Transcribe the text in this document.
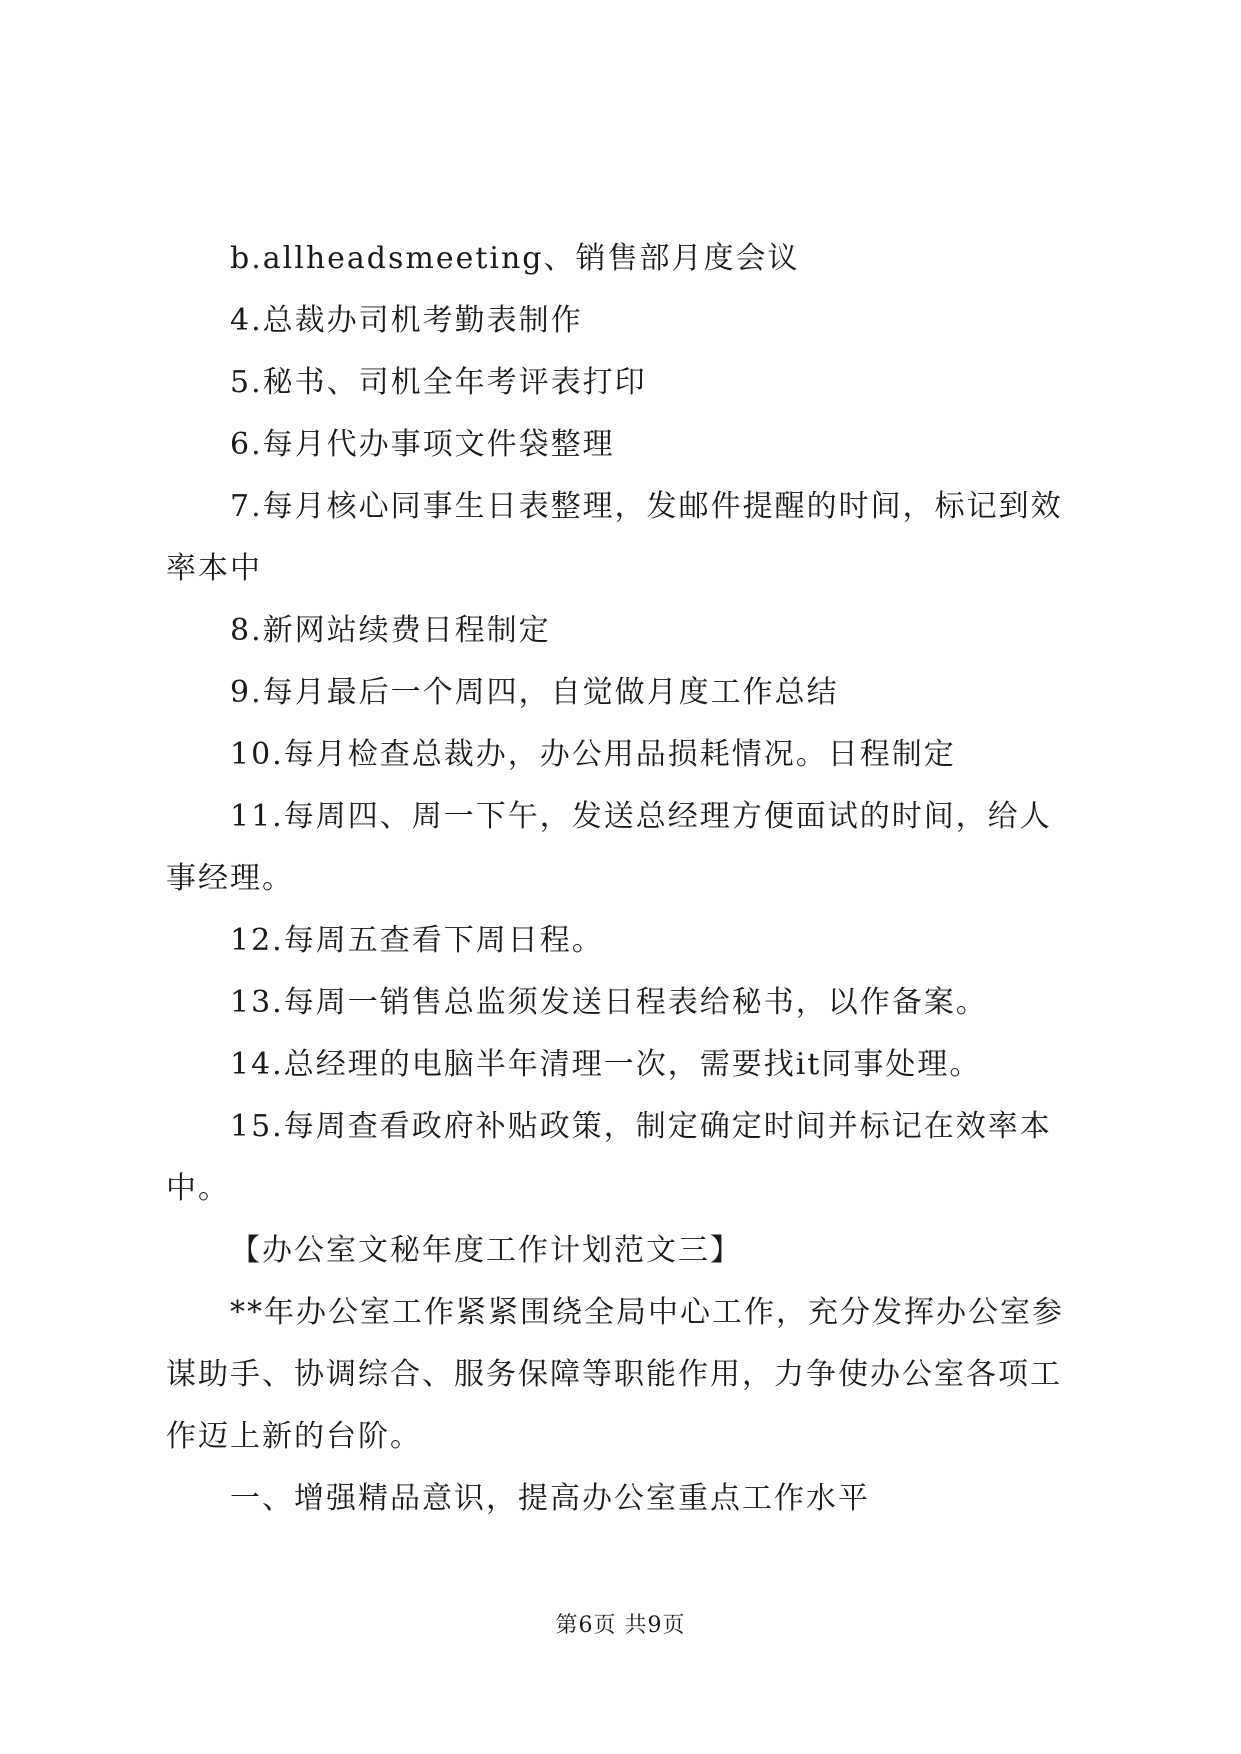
b.allheadsmeeting、销售部月度会议

4.总裁办司机考勤表制作

5.秘书、司机全年考评表打印

6.每月代办事项文件袋整理

7.每月核心同事生日表整理，发邮件提醒的时间，标记到效率本中

8.新网站续费日程制定

9.每月最后一个周四，自觉做月度工作总结

10.每月检查总裁办，办公用品损耗情况。日程制定

11.每周四、周一下午，发送总经理方便面试的时间，给人事经理。

12.每周五查看下周日程。

13.每周一销售总监须发送日程表给秘书，以作备案。

14.总经理的电脑半年清理一次，需要找it同事处理。

15.每周查看政府补贴政策，制定确定时间并标记在效率本中。

【办公室文秘年度工作计划范文三】

**年办公室工作紧紧围绕全局中心工作，充分发挥办公室参谋助手、协调综合、服务保障等职能作用，力争使办公室各项工作迈上新的台阶。

一、增强精品意识，提高办公室重点工作水平

第6页 共9页
